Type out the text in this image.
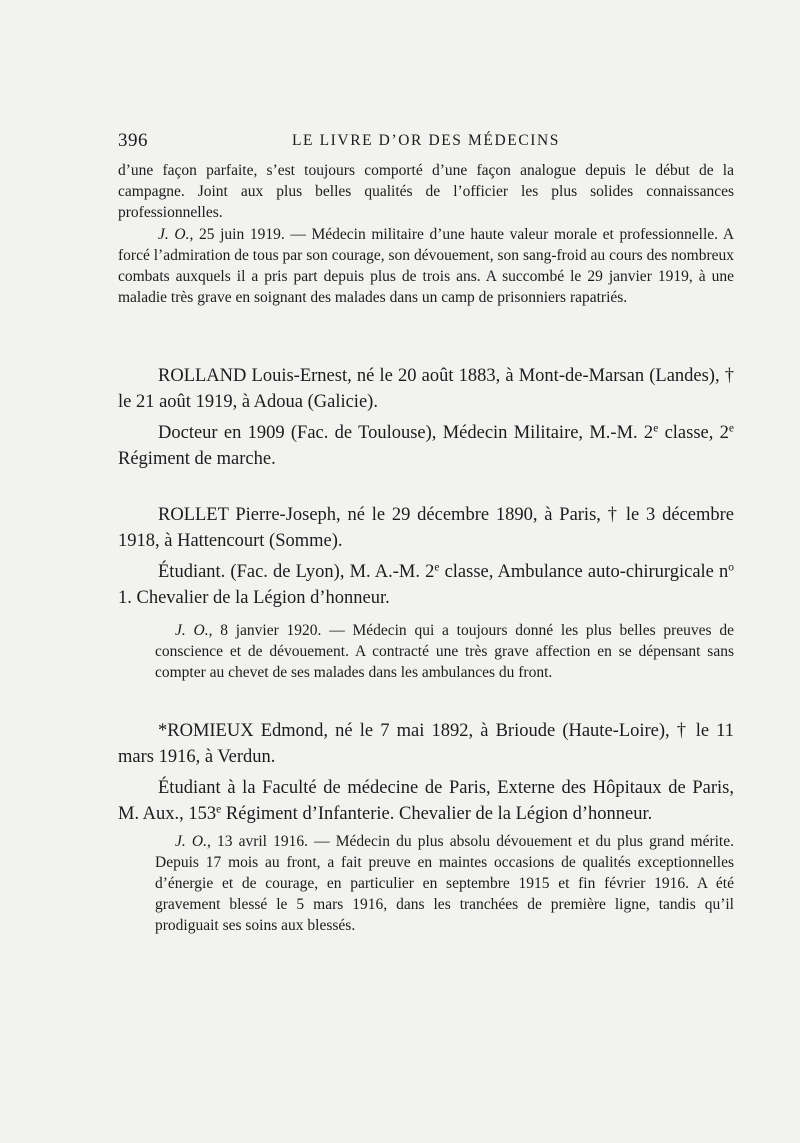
396	LE LIVRE D’OR DES MÉDECINS

d’une façon parfaite, s’est toujours comporté d’une façon analogue depuis le début de la campagne. Joint aux plus belles qualités de l’officier les plus solides connaissances professionnelles.

J. O., 25 juin 1919. — Médecin militaire d’une haute valeur morale et professionnelle. A forcé l’admiration de tous par son courage, son dévouement, son sang-froid au cours des nombreux combats auxquels il a pris part depuis plus de trois ans. A succombé le 29 janvier 1919, à une maladie très grave en soignant des malades dans un camp de prisonniers rapatriés.

ROLLAND Louis-Ernest, né le 20 août 1883, à Mont-de-Marsan (Landes), † le 21 août 1919, à Adoua (Galicie).

Docteur en 1909 (Fac. de Toulouse), Médecin Militaire, M.-M. 2e classe, 2e Régiment de marche.

ROLLET Pierre-Joseph, né le 29 décembre 1890, à Paris, † le 3 décembre 1918, à Hattencourt (Somme).

Étudiant. (Fac. de Lyon), M. A.-M. 2e classe, Ambulance auto-chirurgicale $n^o$ 1. Chevalier de la Légion d’honneur.

J. O., 8 janvier 1920. — Médecin qui a toujours donné les plus belles preuves de conscience et de dévouement. A contracté une très grave affection en se dépensant sans compter au chevet de ses malades dans les ambulances du front.

*ROMIEUX Edmond, né le 7 mai 1892, à Brioude (Haute-Loire), † le 11 mars 1916, à Verdun.

Étudiant à la Faculté de médecine de Paris, Externe des Hôpitaux de Paris, M. Aux., 153e Régiment d’Infanterie. Chevalier de la Légion d’honneur.

J. O., 13 avril 1916. — Médecin du plus absolu dévouement et du plus grand mérite. Depuis 17 mois au front, a fait preuve en maintes occasions de qualités exceptionnelles d’énergie et de courage, en particulier en septembre 1915 et fin février 1916. A été gravement blessé le 5 mars 1916, dans les tranchées de première ligne, tandis qu’il prodiguait ses soins aux blessés.
